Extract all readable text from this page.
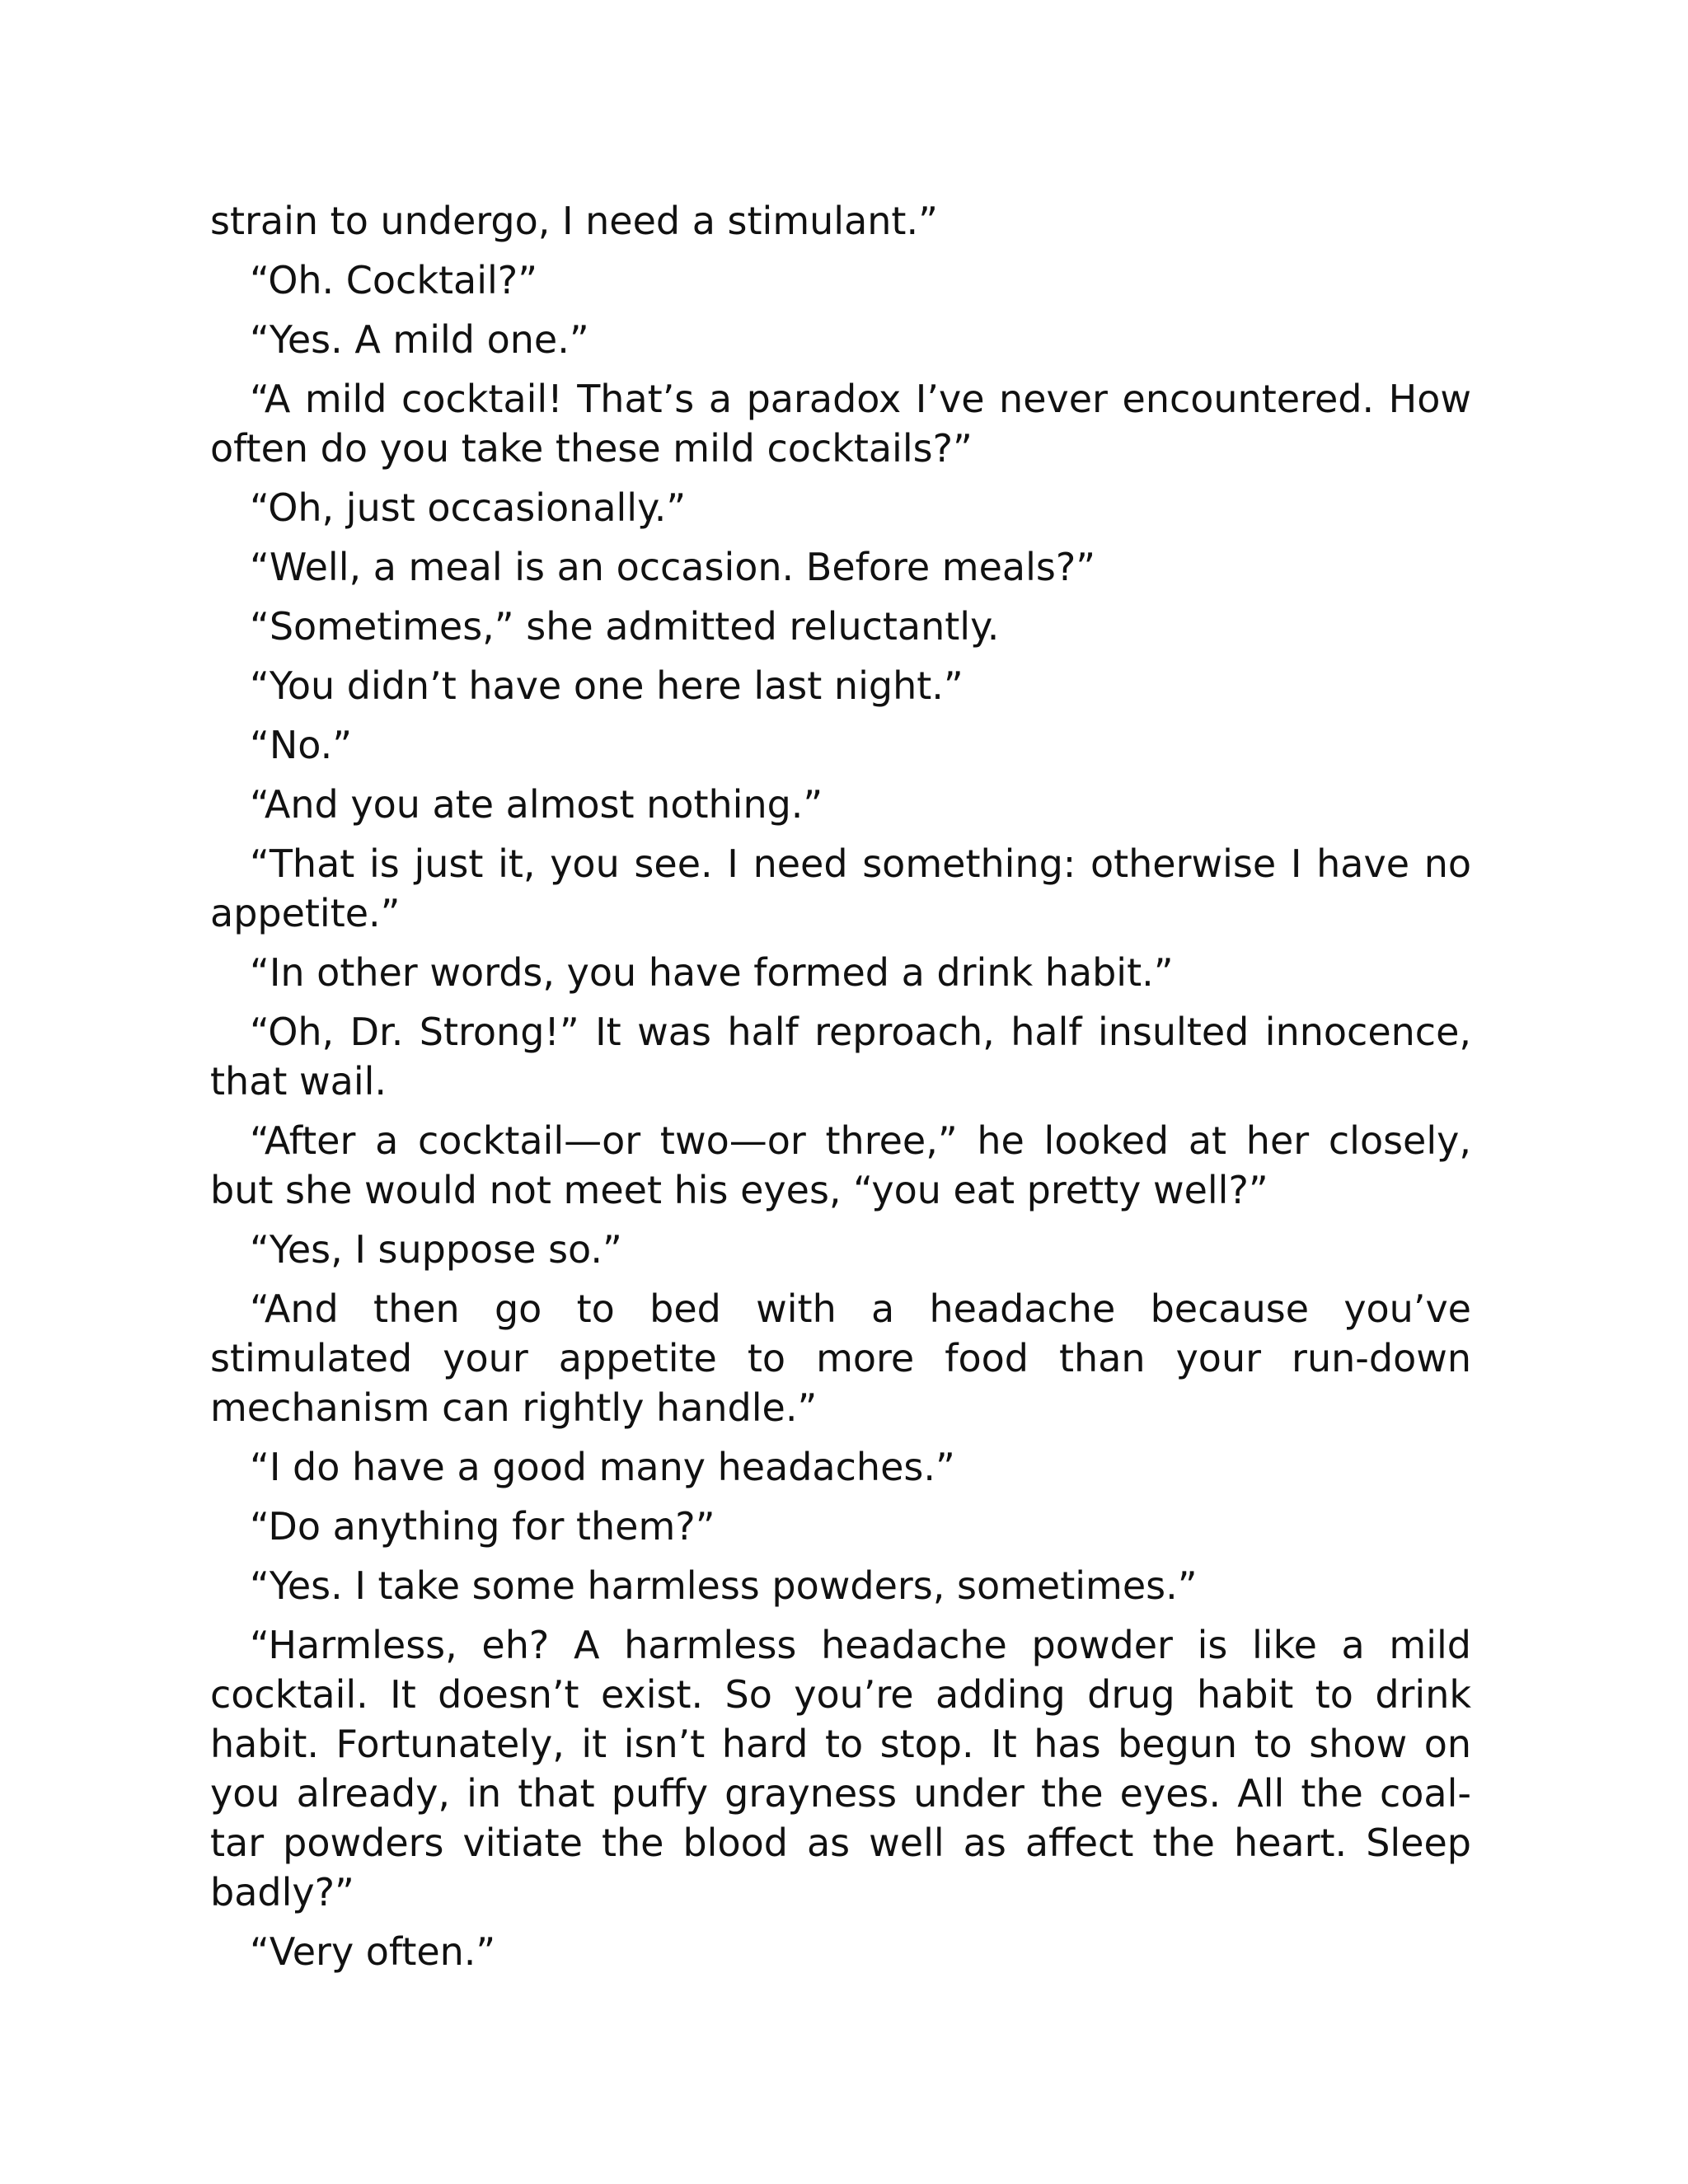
strain to undergo, I need a stimulant.”

“Oh. Cocktail?”

“Yes. A mild one.”

“A mild cocktail! That’s a paradox I’ve never encountered. How often do you take these mild cocktails?”

“Oh, just occasionally.”

“Well, a meal is an occasion. Before meals?”

“Sometimes,” she admitted reluctantly.

“You didn’t have one here last night.”

“No.”

“And you ate almost nothing.”

“That is just it, you see. I need something: otherwise I have no appetite.”

“In other words, you have formed a drink habit.”

“Oh, Dr. Strong!” It was half reproach, half insulted innocence, that wail.

“After a cocktail—or two—or three,” he looked at her closely, but she would not meet his eyes, “you eat pretty well?”

“Yes, I suppose so.”

“And then go to bed with a headache because you’ve stimulated your appetite to more food than your run-down mechanism can rightly handle.”

“I do have a good many headaches.”

“Do anything for them?”

“Yes. I take some harmless powders, sometimes.”

“Harmless, eh? A harmless headache powder is like a mild cocktail. It doesn’t exist. So you’re adding drug habit to drink habit. Fortunately, it isn’t hard to stop. It has begun to show on you already, in that puffy grayness under the eyes. All the coal-tar powders vitiate the blood as well as affect the heart. Sleep badly?”

“Very often.”
